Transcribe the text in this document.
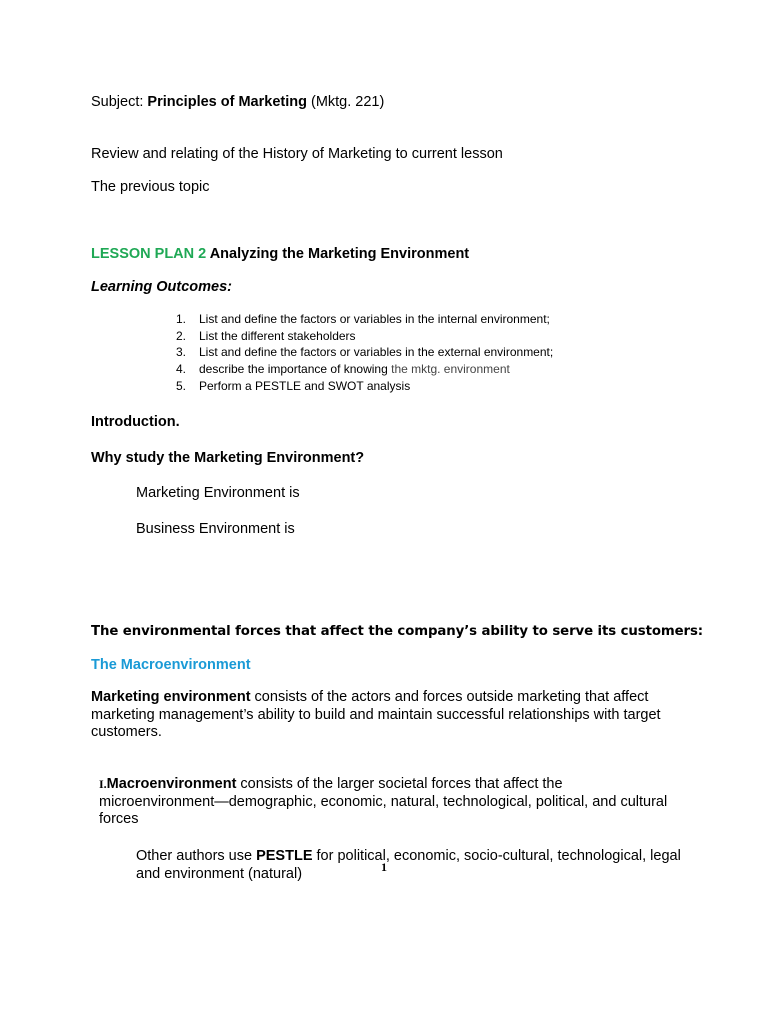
Subject: Principles of Marketing (Mktg. 221)
Review and relating of the History of Marketing to current lesson
The previous topic
LESSON PLAN 2 Analyzing the Marketing Environment
Learning Outcomes:
1. List and define the factors or variables in the internal environment;
2. List the different stakeholders
3. List and define the factors or variables in the external environment;
4. describe the importance of knowing the mktg. environment
5. Perform a PESTLE and SWOT analysis
Introduction.
Why study the Marketing Environment?
Marketing Environment is
Business Environment is
The environmental forces that affect the company’s ability to serve its customers:
The Macroenvironment
Marketing environment consists of the actors and forces outside marketing that affect marketing management’s ability to build and maintain successful relationships with target customers.
I.Macroenvironment consists of the larger societal forces that affect the microenvironment—demographic, economic, natural, technological, political, and cultural forces
Other authors use PESTLE for political, economic, socio-cultural, technological, legal and environment (natural)	1
